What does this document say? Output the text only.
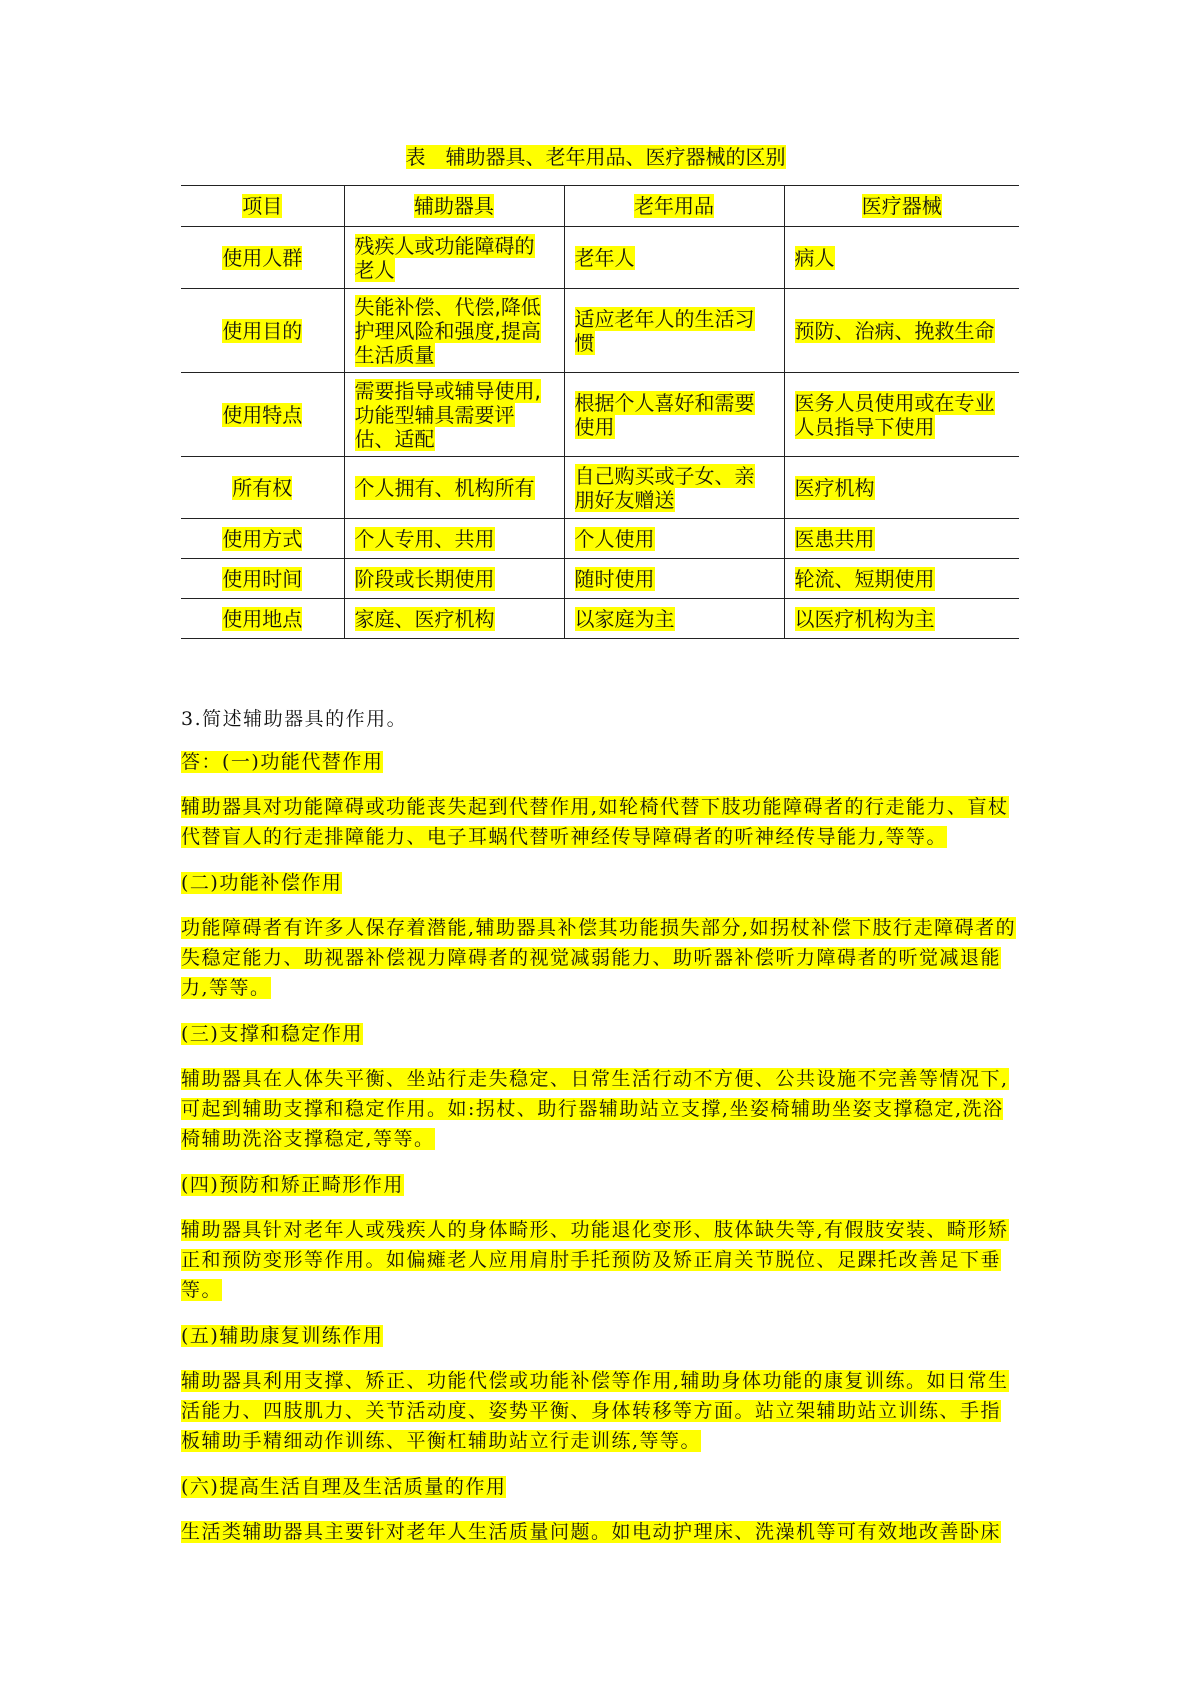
表　辅助器具、老年用品、医疗器械的区别
项目	辅助器具	老年用品	医疗器械
使用人群	残疾人或功能障碍的老人	老年人	病人
使用目的	失能补偿、代偿,降低护理风险和强度,提高生活质量	适应老年人的生活习惯	预防、治病、挽救生命
使用特点	需要指导或辅导使用,功能型辅具需要评估、适配	根据个人喜好和需要使用	医务人员使用或在专业人员指导下使用
所有权	个人拥有、机构所有	自己购买或子女、亲朋好友赠送	医疗机构
使用方式	个人专用、共用	个人使用	医患共用
使用时间	阶段或长期使用	随时使用	轮流、短期使用
使用地点	家庭、医疗机构	以家庭为主	以医疗机构为主
3.简述辅助器具的作用。

答：(一)功能代替作用

辅助器具对功能障碍或功能丧失起到代替作用,如轮椅代替下肢功能障碍者的行走能力、盲杖代替盲人的行走排障能力、电子耳蜗代替听神经传导障碍者的听神经传导能力,等等。

(二)功能补偿作用

功能障碍者有许多人保存着潜能,辅助器具补偿其功能损失部分,如拐杖补偿下肢行走障碍者的失稳定能力、助视器补偿视力障碍者的视觉减弱能力、助听器补偿听力障碍者的听觉减退能力,等等。

(三)支撑和稳定作用

辅助器具在人体失平衡、坐站行走失稳定、日常生活行动不方便、公共设施不完善等情况下,可起到辅助支撑和稳定作用。如:拐杖、助行器辅助站立支撑,坐姿椅辅助坐姿支撑稳定,洗浴椅辅助洗浴支撑稳定,等等。

(四)预防和矫正畸形作用

辅助器具针对老年人或残疾人的身体畸形、功能退化变形、肢体缺失等,有假肢安装、畸形矫正和预防变形等作用。如偏瘫老人应用肩肘手托预防及矫正肩关节脱位、足踝托改善足下垂等。

(五)辅助康复训练作用

辅助器具利用支撑、矫正、功能代偿或功能补偿等作用,辅助身体功能的康复训练。如日常生活能力、四肢肌力、关节活动度、姿势平衡、身体转移等方面。站立架辅助站立训练、手指板辅助手精细动作训练、平衡杠辅助站立行走训练,等等。

(六)提高生活自理及生活质量的作用

生活类辅助器具主要针对老年人生活质量问题。如电动护理床、洗澡机等可有效地改善卧床
